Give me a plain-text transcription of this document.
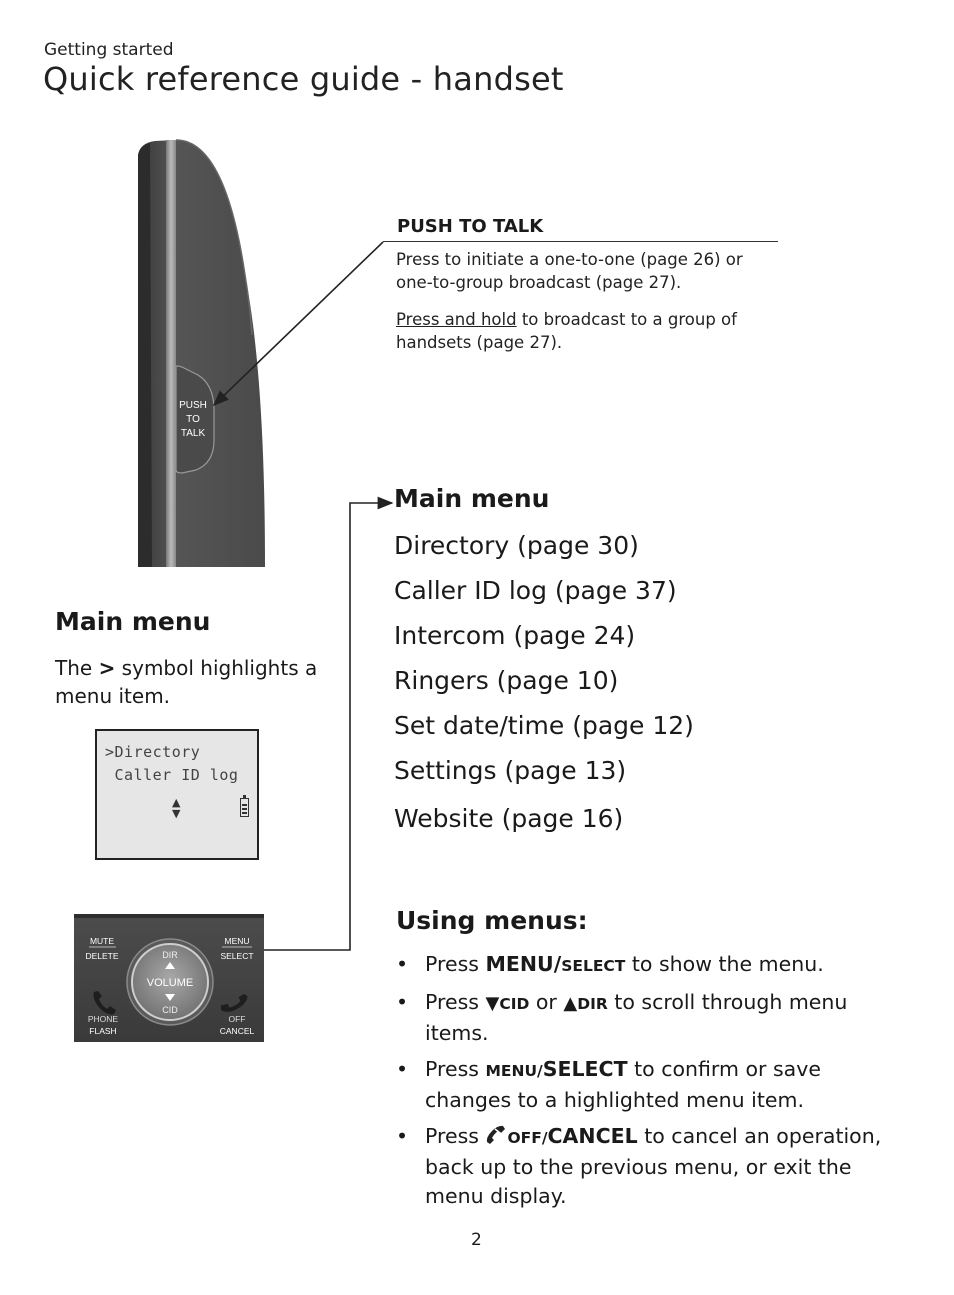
Getting started
Quick reference guide - handset
PUSH
TO
TALK
PUSH TO TALK
Press to initiate a one-to-one (page 26) or one-to-group broadcast (page 27).
Press and hold to broadcast to a group of handsets (page 27).
Main menu
Directory (page 30)
Caller ID log (page 37)
Intercom (page 24)
Ringers (page 10)
Set date/time (page 12)
Settings (page 13)
Website (page 16)
Main menu
The > symbol highlights a menu item.
>Directory
Caller ID log
▲
▼
MUTE
DELETE
MENU
SELECT
DIR
VOLUME
CID
PHONE
FLASH
OFF
CANCEL
Using menus:
• Press MENU/SELECT to show the menu.
• Press ▼CID or ▲DIR to scroll through menu items.
• Press MENU/SELECT to confirm or save changes to a highlighted menu item.
• Press OFF/CANCEL to cancel an operation, back up to the previous menu, or exit the menu display.
2
